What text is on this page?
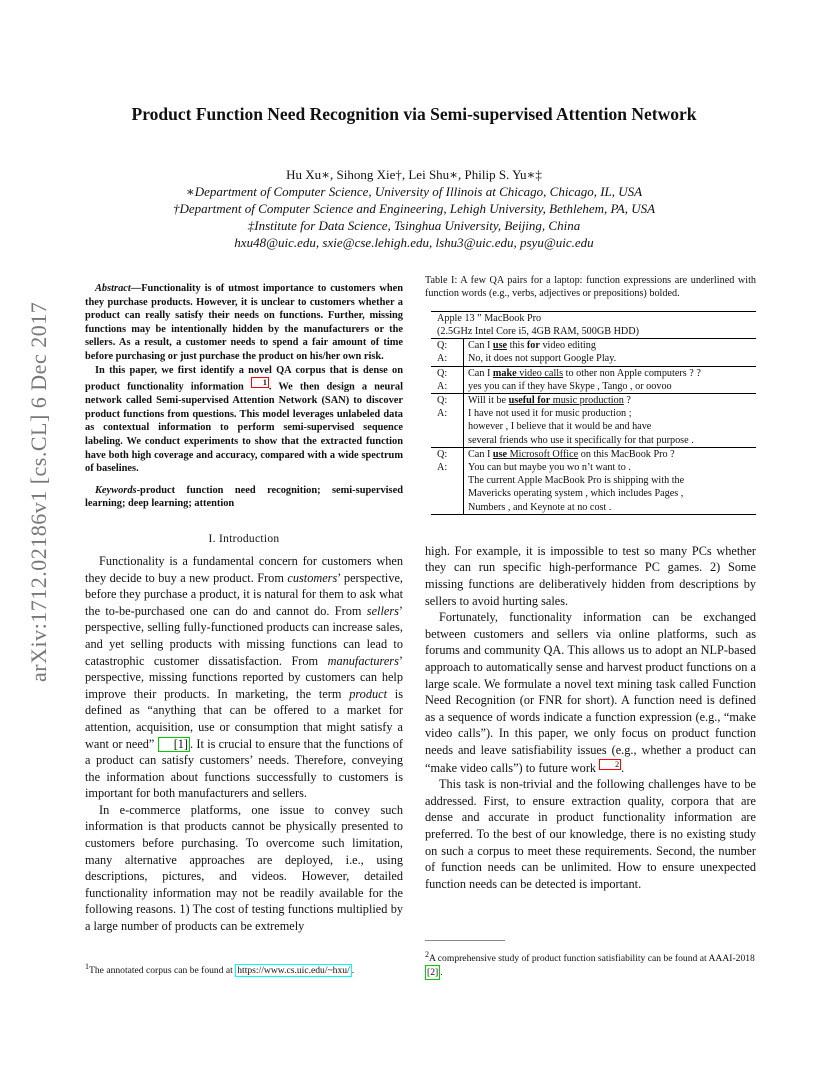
arXiv:1712.02186v1 [cs.CL] 6 Dec 2017
Product Function Need Recognition via Semi-supervised Attention Network
Hu Xu∗, Sihong Xie†, Lei Shu∗, Philip S. Yu∗‡
∗Department of Computer Science, University of Illinois at Chicago, Chicago, IL, USA
†Department of Computer Science and Engineering, Lehigh University, Bethlehem, PA, USA
‡Institute for Data Science, Tsinghua University, Beijing, China
hxu48@uic.edu, sxie@cse.lehigh.edu, lshu3@uic.edu, psyu@uic.edu

Abstract—Functionality is of utmost importance to customers when they purchase products. However, it is unclear to customers whether a product can really satisfy their needs on functions. Further, missing functions may be intentionally hidden by the manufacturers or the sellers. As a result, a customer needs to spend a fair amount of time before purchasing or just purchase the product on his/her own risk.

In this paper, we first identify a novel QA corpus that is dense on product functionality information 1 . We then design a neural network called Semi-supervised Attention Network (SAN) to discover product functions from questions. This model leverages unlabeled data as contextual information to perform semi-supervised sequence labeling. We conduct experiments to show that the extracted function have both high coverage and accuracy, compared with a wide spectrum of baselines.

Keywords-product function need recognition; semi-supervised learning; deep learning; attention

I. Introduction

Functionality is a fundamental concern for customers when they decide to buy a new product. From customers’ perspective, before they purchase a product, it is natural for them to ask what the to-be-purchased one can do and cannot do. From sellers’ perspective, selling fully-functioned products can increase sales, and yet selling products with missing functions can lead to catastrophic customer dissatisfaction. From manufacturers’ perspective, missing functions reported by customers can help improve their products. In marketing, the term product is defined as “anything that can be offered to a market for attention, acquisition, use or consumption that might satisfy a want or need” [1] . It is crucial to ensure that the functions of a product can satisfy customers’ needs. Therefore, conveying the information about functions successfully to customers is important for both manufacturers and sellers.

In e-commerce platforms, one issue to convey such information is that products cannot be physically presented to customers before purchasing. To overcome such limitation, many alternative approaches are deployed, i.e., using descriptions, pictures, and videos. However, detailed functionality information may not be readily available for the following reasons. 1) The cost of testing functions multiplied by a large number of products can be extremely

$^1$The annotated corpus can be found at https://www.cs.uic.edu/~hxu/ .

Table I: A few QA pairs for a laptop: function expressions are underlined with function words (e.g., verbs, adjectives or prepositions) bolded.

Apple 13 ” MacBook Pro	
(2.5GHz Intel Core i5, 4GB RAM, 500GB HDD)	
Q:	Can I use this for video editing
A:	No, it does not support Google Play.
Q:	Can I make video calls to other non Apple computers ? ?
A:	yes you can if they have Skype , Tango , or oovoo
Q:	Will it be useful for music production ?
A:	I have not used it for music production ;
however , I believe that it would be and have
several friends who use it specifically for that purpose .

Q:	Can I use Microsoft Office on this MacBook Pro ?
A:	You can but maybe you wo n’t want to .
The current Apple MacBook Pro is shipping with the
Mavericks operating system , which includes Pages ,
Numbers , and Keynote at no cost .

high. For example, it is impossible to test so many PCs whether they can run specific high-performance PC games. 2) Some missing functions are deliberatively hidden from descriptions by sellers to avoid hurting sales.

Fortunately, functionality information can be exchanged between customers and sellers via online platforms, such as forums and community QA. This allows us to adopt an NLP-based approach to automatically sense and harvest product functions on a large scale. We formulate a novel text mining task called Function Need Recognition (or FNR for short). A function need is defined as a sequence of words indicate a function expression (e.g., “make video calls”). In this paper, we only focus on product function needs and leave satisfiability issues (e.g., whether a product can “make video calls”) to future work 2 .

This task is non-trivial and the following challenges have to be addressed. First, to ensure extraction quality, corpora that are dense and accurate in product functionality information are preferred. To the best of our knowledge, there is no existing study on such a corpus to meet these requirements. Second, the number of function needs can be unlimited. How to ensure unexpected function needs can be detected is important.

$^2$A comprehensive study of product function satisfiability can be found at AAAI-2018 [2] .
